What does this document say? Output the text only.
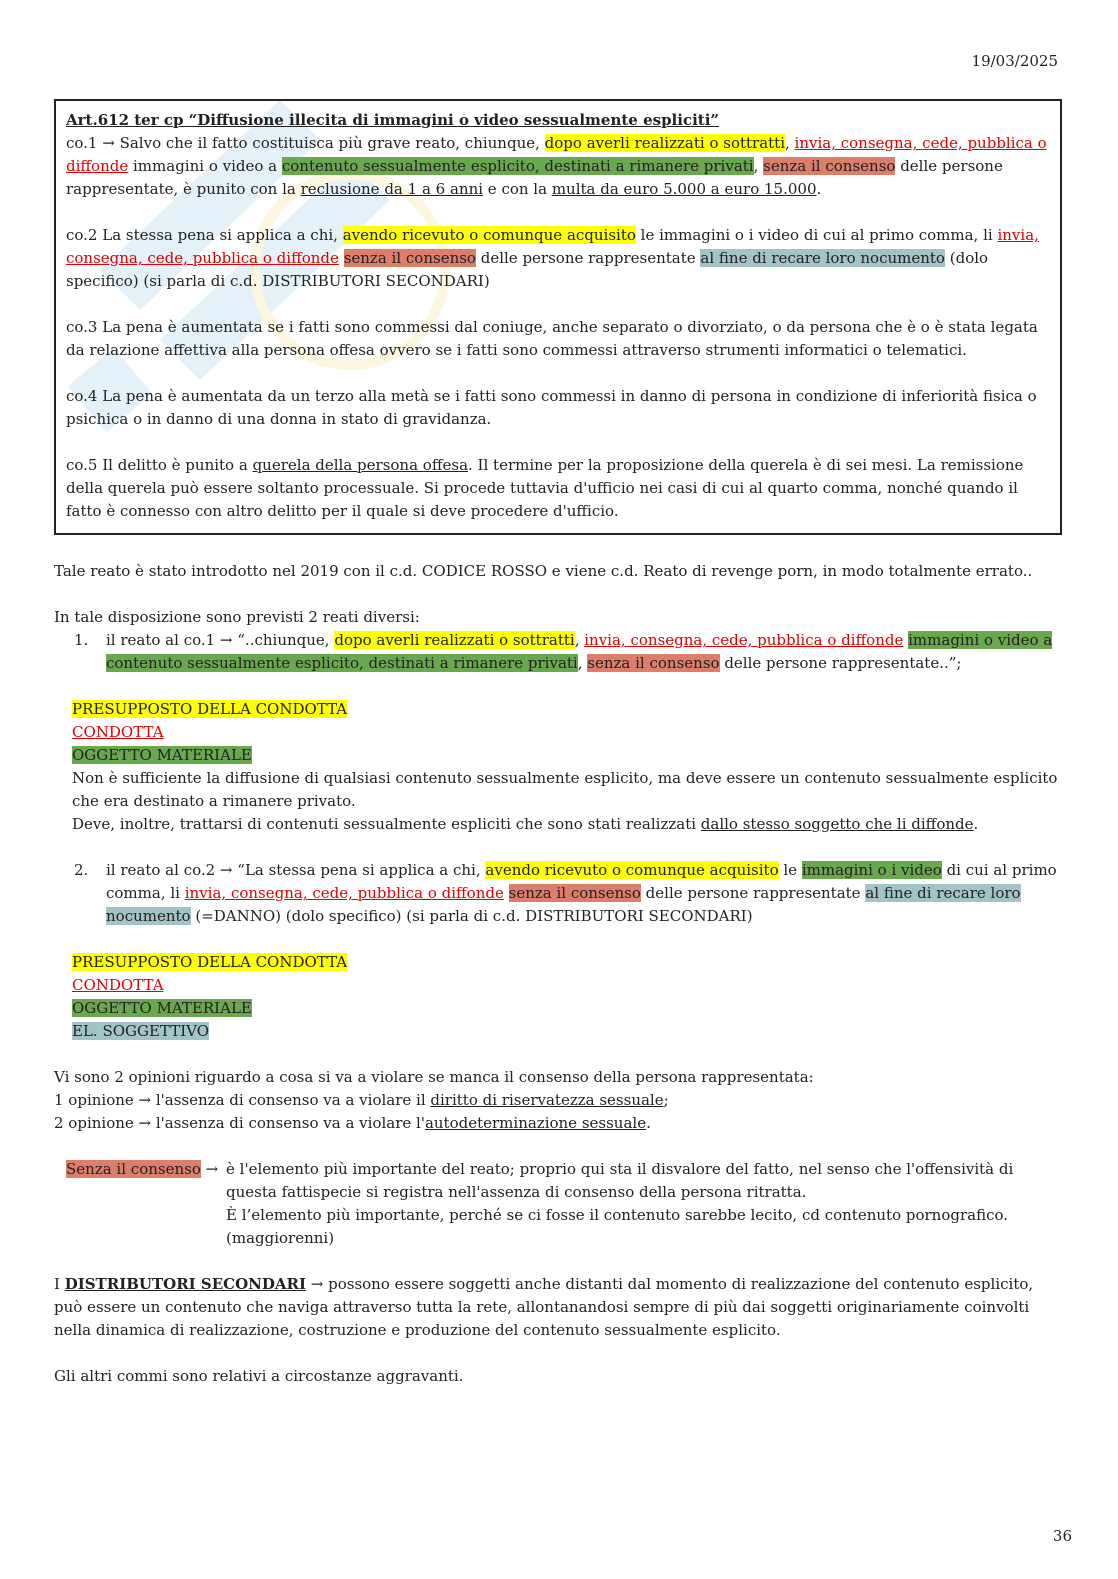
19/03/2025

Art.612 ter cp “Diffusione illecita di immagini o video sessualmente espliciti”

co.1 → Salvo che il fatto costituisca più grave reato, chiunque, dopo averli realizzati o sottratti, invia, consegna, cede, pubblica o diffonde immagini o video a contenuto sessualmente esplicito, destinati a rimanere privati, senza il consenso delle persone rappresentate, è punito con la reclusione da 1 a 6 anni e con la multa da euro 5.000 a euro 15.000.

co.2 La stessa pena si applica a chi, avendo ricevuto o comunque acquisito le immagini o i video di cui al primo comma, li invia, consegna, cede, pubblica o diffonde senza il consenso delle persone rappresentate al fine di recare loro nocumento (dolo specifico) (si parla di c.d. DISTRIBUTORI SECONDARI)

co.3 La pena è aumentata se i fatti sono commessi dal coniuge, anche separato o divorziato, o da persona che è o è stata legata da relazione affettiva alla persona offesa ovvero se i fatti sono commessi attraverso strumenti informatici o telematici.

co.4 La pena è aumentata da un terzo alla metà se i fatti sono commessi in danno di persona in condizione di inferiorità fisica o psichica o in danno di una donna in stato di gravidanza.

co.5 Il delitto è punito a querela della persona offesa. Il termine per la proposizione della querela è di sei mesi. La remissione della querela può essere soltanto processuale. Si procede tuttavia d'ufficio nei casi di cui al quarto comma, nonché quando il fatto è connesso con altro delitto per il quale si deve procedere d'ufficio.

Tale reato è stato introdotto nel 2019 con il c.d. CODICE ROSSO e viene c.d. Reato di revenge porn, in modo totalmente errato..

In tale disposizione sono previsti 2 reati diversi:

1.	il reato al co.1 → “..chiunque, dopo averli realizzati o sottratti, invia, consegna, cede, pubblica o diffonde immagini o video a contenuto sessualmente esplicito, destinati a rimanere privati, senza il consenso delle persone rappresentate..”;

PRESUPPOSTO DELLA CONDOTTA

CONDOTTA

OGGETTO MATERIALE

Non è sufficiente la diffusione di qualsiasi contenuto sessualmente esplicito, ma deve essere un contenuto sessualmente esplicito che era destinato a rimanere privato.

Deve, inoltre, trattarsi di contenuti sessualmente espliciti che sono stati realizzati dallo stesso soggetto che li diffonde.

2.	il reato al co.2 → “La stessa pena si applica a chi, avendo ricevuto o comunque acquisito le immagini o i video di cui al primo comma, li invia, consegna, cede, pubblica o diffonde senza il consenso delle persone rappresentate al fine di recare loro nocumento (=DANNO) (dolo specifico) (si parla di c.d. DISTRIBUTORI SECONDARI)

PRESUPPOSTO DELLA CONDOTTA

CONDOTTA

OGGETTO MATERIALE

EL. SOGGETTIVO

Vi sono 2 opinioni riguardo a cosa si va a violare se manca il consenso della persona rappresentata:

1 opinione → l'assenza di consenso va a violare il diritto di riservatezza sessuale;

2 opinione → l'assenza di consenso va a violare l'autodeterminazione sessuale.

Senza il consenso → è l'elemento più importante del reato; proprio qui sta il disvalore del fatto, nel senso che l'offensività di questa fattispecie si registra nell'assenza di consenso della persona ritratta.
È l’elemento più importante, perché se ci fosse il contenuto sarebbe lecito, cd contenuto pornografico. (maggiorenni)

I DISTRIBUTORI SECONDARI → possono essere soggetti anche distanti dal momento di realizzazione del contenuto esplicito, può essere un contenuto che naviga attraverso tutta la rete, allontanandosi sempre di più dai soggetti originariamente coinvolti nella dinamica di realizzazione, costruzione e produzione del contenuto sessualmente esplicito.

Gli altri commi sono relativi a circostanze aggravanti.

36
